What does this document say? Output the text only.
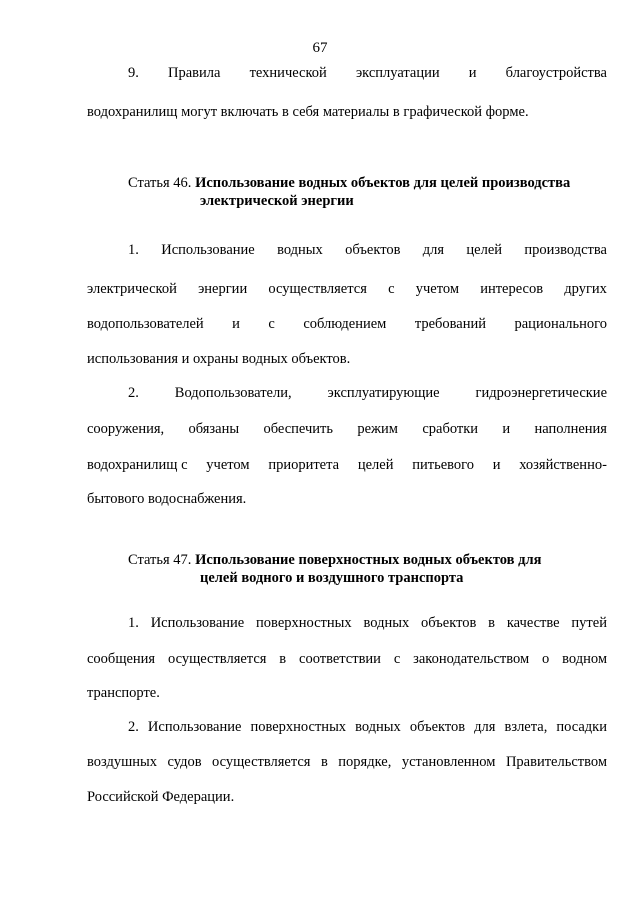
67
9. Правила технической эксплуатации и благоустройства
водохранилищ могут включать в себя материалы в графической форме.
Статья 46. Использование водных объектов для целей производства
электрической энергии
1. Использование водных объектов для целей производства
электрической энергии осуществляется с учетом интересов других
водопользователей и с соблюдением требований рационального
использования и охраны водных объектов.
2. Водопользователи, эксплуатирующие гидроэнергетические
сооружения, обязаны обеспечить режим сработки и наполнения
водохранилищ с учетом приоритета целей питьевого и хозяйственно-
бытового водоснабжения.
Статья 47. Использование поверхностных водных объектов для
целей водного и воздушного транспорта
1. Использование поверхностных водных объектов в качестве путей
сообщения осуществляется в соответствии с законодательством о водном
транспорте.
2. Использование поверхностных водных объектов для взлета, посадки
воздушных судов осуществляется в порядке, установленном Правительством
Российской Федерации.
